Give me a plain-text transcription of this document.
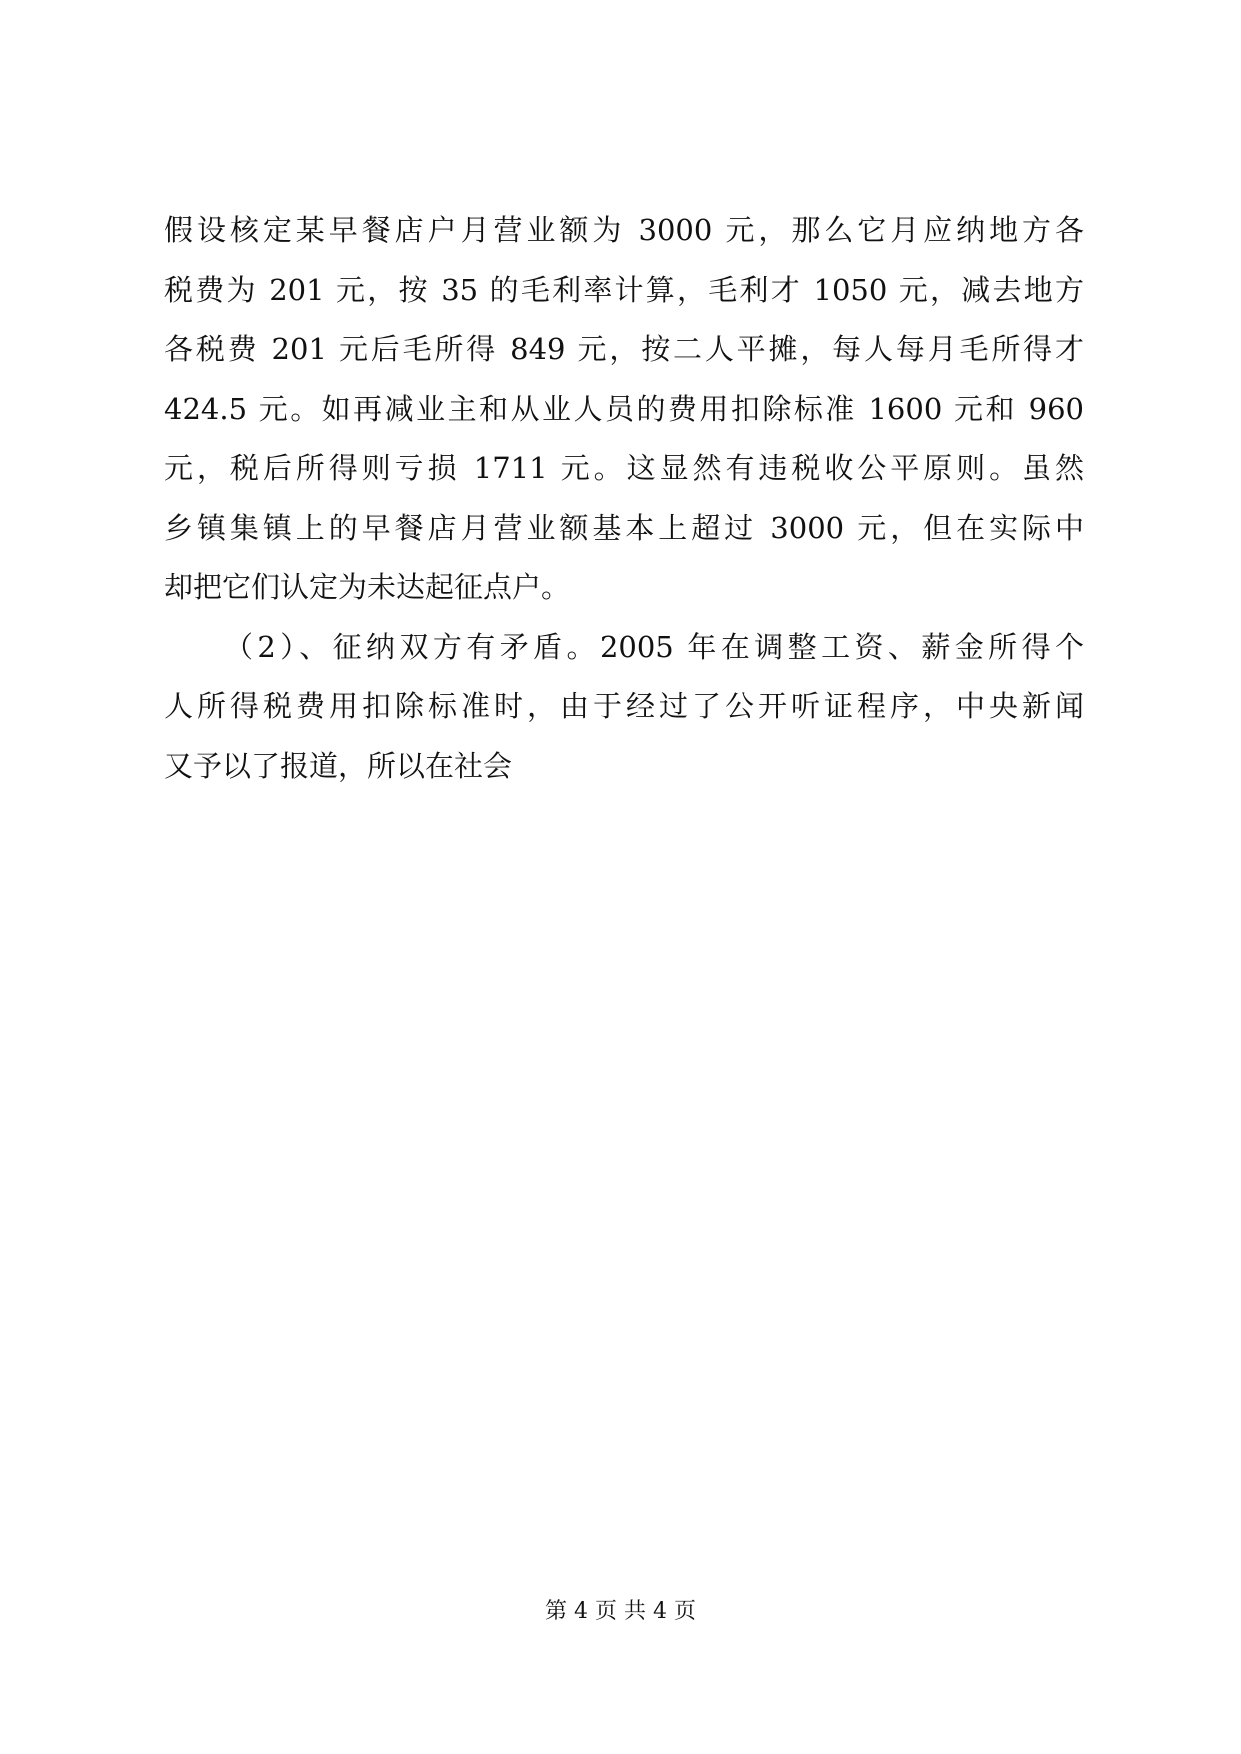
假设核定某早餐店户月营业额为 3000 元，那么它月应纳地方各
税费为 201 元，按 35 的毛利率计算，毛利才 1050 元，减去地方
各税费 201 元后毛所得 849 元，按二人平摊，每人每月毛所得才
424.5 元。如再减业主和从业人员的费用扣除标准 1600 元和 960
元，税后所得则亏损 1711 元。这显然有违税收公平原则。虽然
乡镇集镇上的早餐店月营业额基本上超过 3000 元，但在实际中
却把它们认定为未达起征点户。
（2）、征纳双方有矛盾。2005 年在调整工资、薪金所得个
人所得税费用扣除标准时，由于经过了公开听证程序，中央新闻
又予以了报道，所以在社会
第 4 页 共 4 页
